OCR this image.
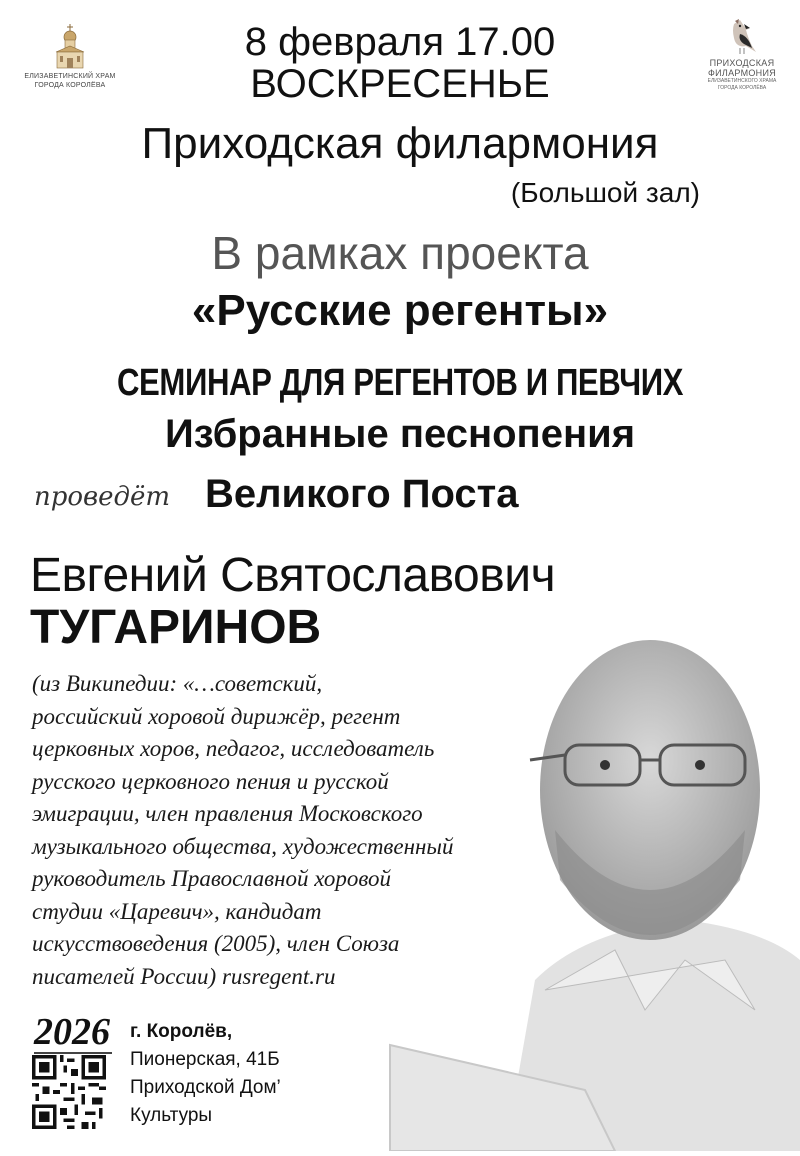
ЕЛИЗАВЕТИНСКИЙ ХРАМ
ГОРОДА КОРОЛЁВА
ПРИХОДСКАЯ
ФИЛАРМОНИЯ
ЕЛИЗАВЕТИНСКОГО ХРАМА
ГОРОДА КОРОЛЁВА
8 февраля 17.00
ВОСКРЕСЕНЬЕ
Приходская филармония
(Большой зал)
В рамках проекта
«Русские регенты»
СЕМИНАР ДЛЯ РЕГЕНТОВ И ПЕВЧИХ
Избранные песнопения
Великого Поста
проведёт
Евгений Святославович
ТУГАРИНОВ
(из Википедии: «…советский,
российский хоровой дирижёр, регент
церковных хоров, педагог, исследователь
русского церковного пения и русской
эмиграции, член правления Московского
музыкального общества, художественный
руководитель Православной хоровой
студии «Царевич», кандидат
искусствоведения (2005), член Союза
писателей России) rusregent.ru
2026 г. Королёв,
Пионерская, 41Б
Приходской Дом’
Культуры
